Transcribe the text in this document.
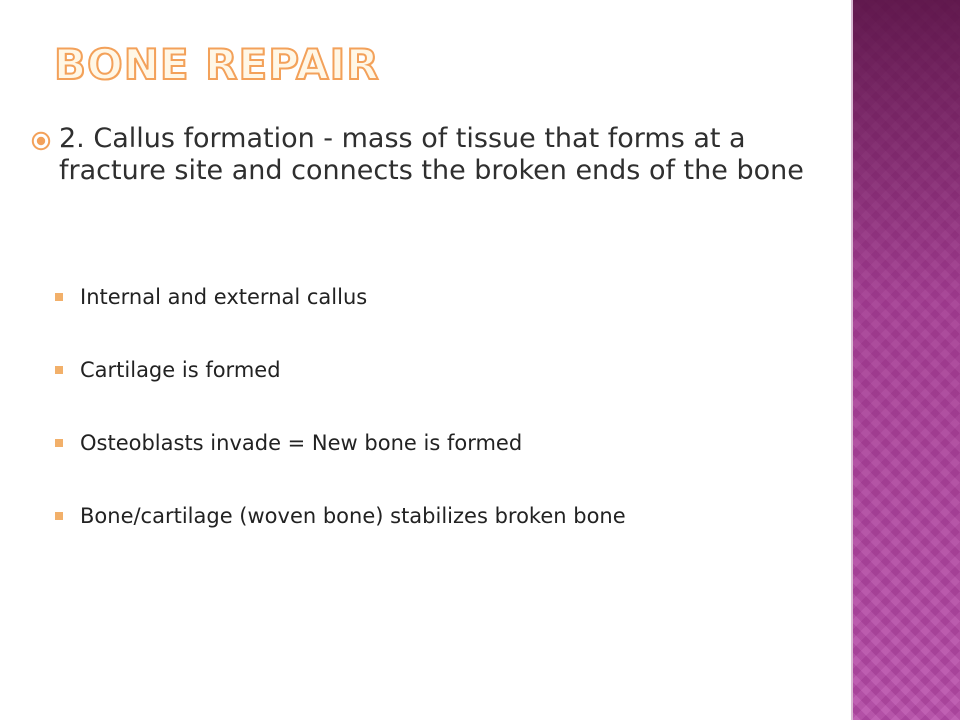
BONE REPAIR

2. Callus formation - mass of tissue that forms at a fracture site and connects the broken ends of the bone

Internal and external callus
Cartilage is formed
Osteoblasts invade = New bone is formed
Bone/cartilage (woven bone) stabilizes broken bone
